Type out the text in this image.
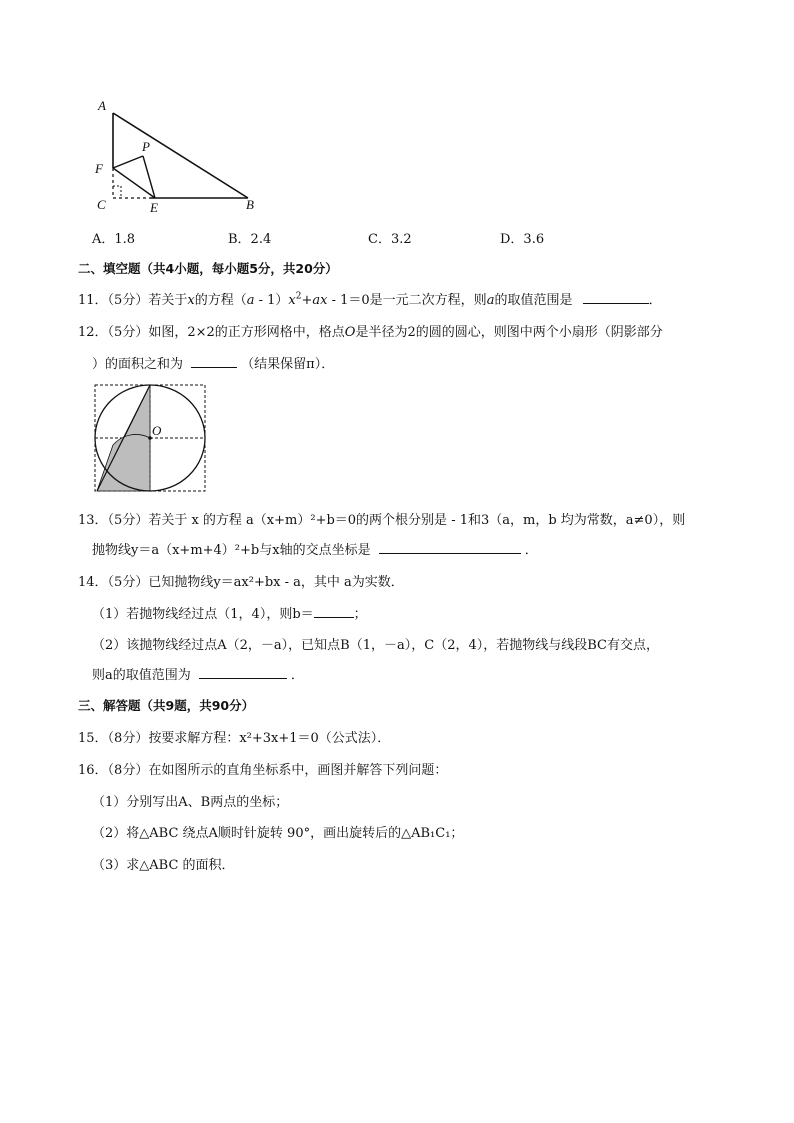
A
P
F
C	E	B
A．1.8	B．2.4	C．3.2	D．3.6
二、填空题（共4小题，每小题5分，共20分）
11．（5分）若关于x的方程$(a - 1)x^2+ax - 1=0$是一元二次方程，则a的取值范围是	．
12．（5分）如图，2×2的正方形网格中，格点O是半径为2的圆的圆心，则图中两个小扇形（阴影部分
）的面积之和为	（结果保留π）．
O
13．（5分）若关于 x 的方程 a（x+m）²+b＝0的两个根分别是 - 1和3（a，m，b 均为常数，a≠0），则
抛物线y＝a（x+m+4）²+b与x轴的交点坐标是	．
14．（5分）已知抛物线y＝ax²+bx - a，其中 a为实数．
（1）若抛物线经过点（1，4），则b＝	；
（2）该抛物线经过点A（2，－a），已知点B（1，－a），C（2，4），若抛物线与线段BC有交点，
则a的取值范围为	．
三、解答题（共9题，共90分）
15．（8分）按要求解方程：x²+3x+1＝0（公式法）．
16．（8分）在如图所示的直角坐标系中，画图并解答下列问题：
（1）分别写出A、B两点的坐标；
（2）将△ABC 绕点A顺时针旋转 90°，画出旋转后的△AB₁C₁；
（3）求△ABC 的面积．
